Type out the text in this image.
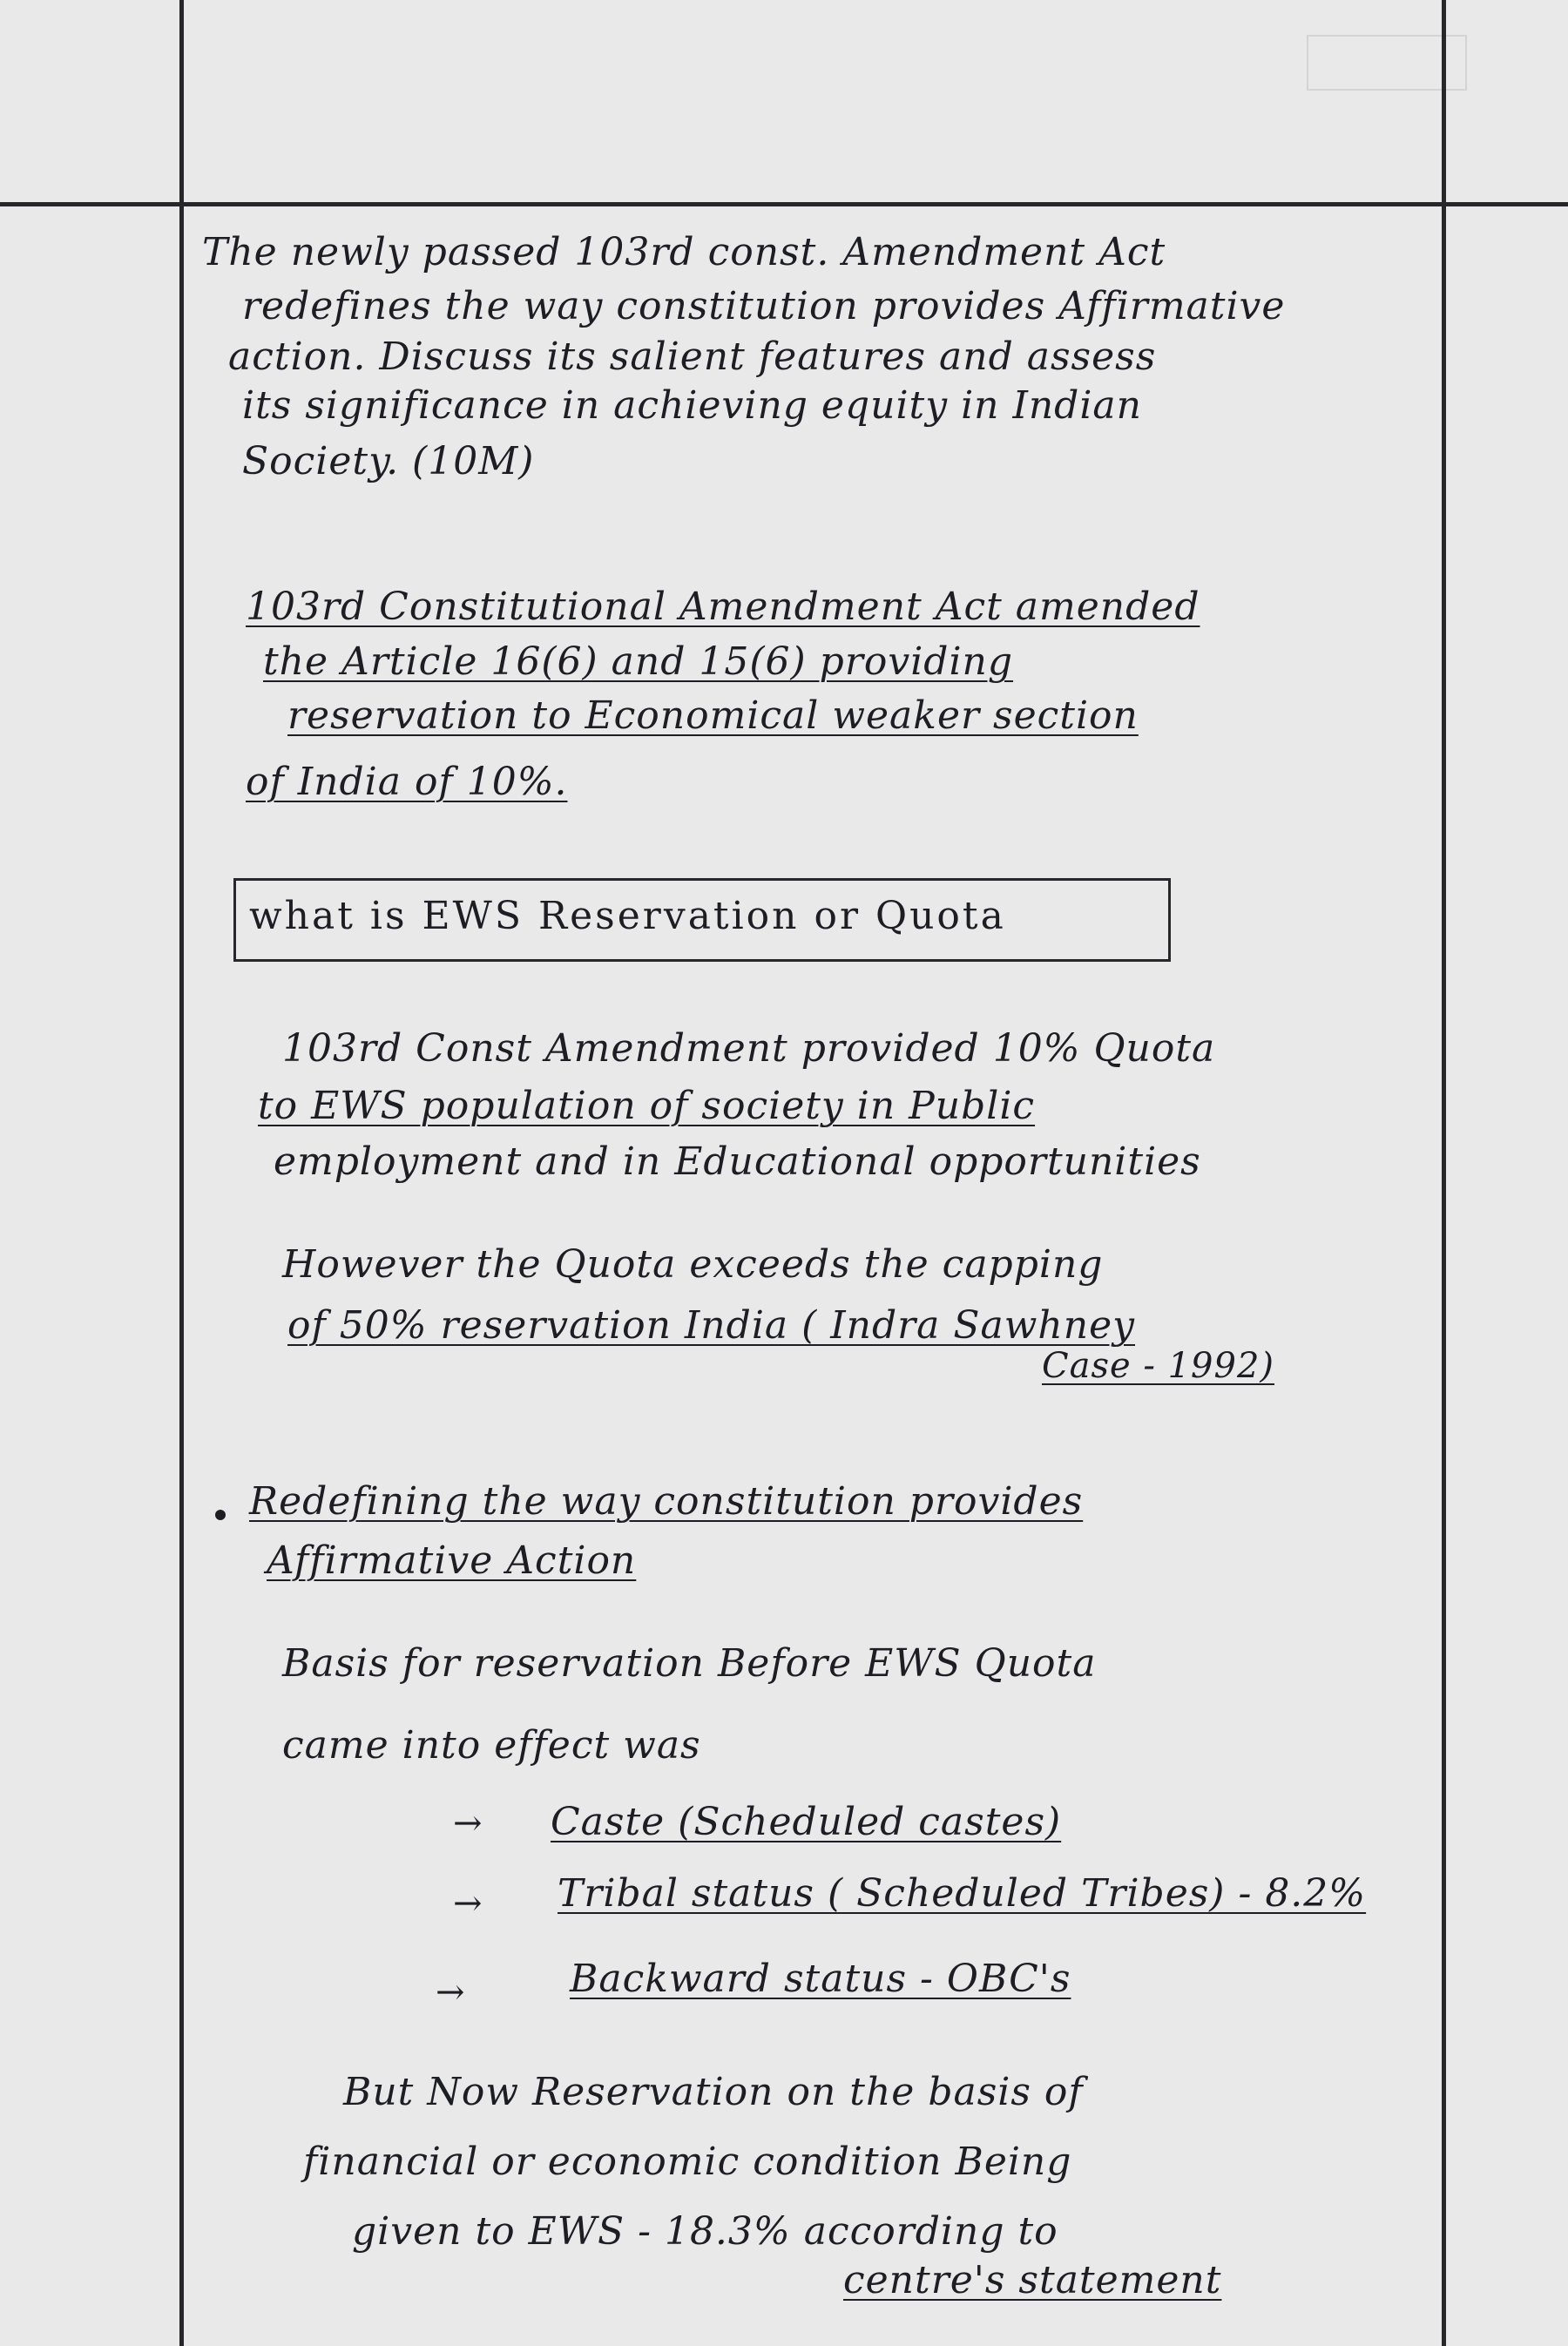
The newly passed 103rd const. Amendment Act
redefines the way constitution provides Affirmative
action. Discuss its salient features and assess
its significance in achieving equity in Indian
Society. (10M)
103rd Constitutional Amendment Act amended
the Article 16(6) and 15(6) providing
reservation to Economical weaker section
of India of 10%.
what is EWS Reservation or Quota
103rd Const Amendment provided 10% Quota
to EWS population of society in Public
employment and in Educational opportunities
However the Quota exceeds the capping
of 50% reservation India ( Indra Sawhney
Case - 1992)
Redefining the way constitution provides
Affirmative Action
Basis for reservation Before EWS Quota
came into effect was
→ Caste (Scheduled castes)
→ Tribal status ( Scheduled Tribes) - 8.2%
→	Backward status - OBC's
But Now Reservation on the basis of
financial or economic condition Being
given to EWS - 18.3% according to
centre's statement
